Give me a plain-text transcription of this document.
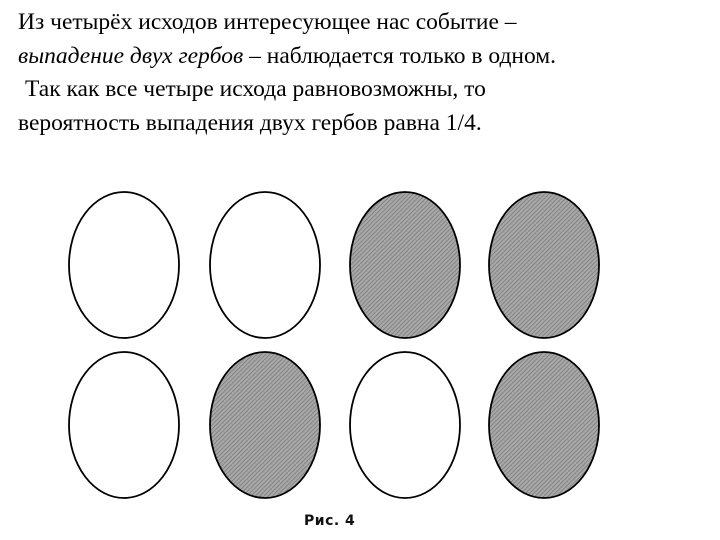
Из четырёх исходов интересующее нас событие –
выпадение двух гербов – наблюдается только в одном.
Так как все четыре исхода равновозможны, то
вероятность выпадения двух гербов равна 1/4.
Рис. 4
